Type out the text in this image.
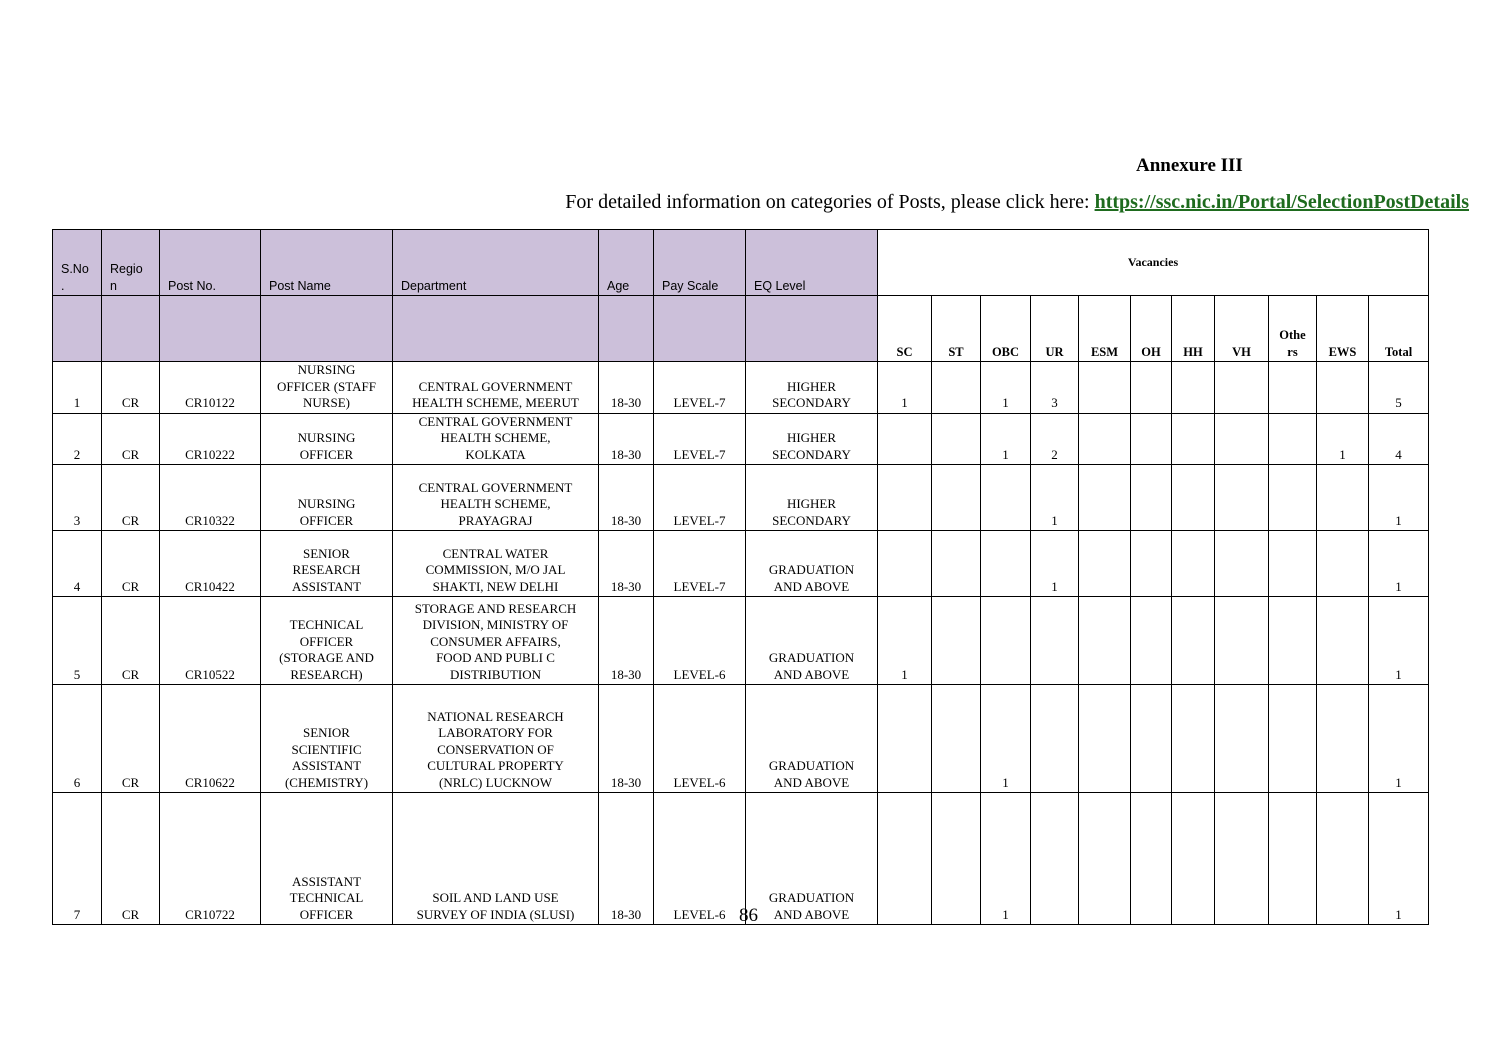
Annexure III
For detailed information on categories of Posts, please click here: https://ssc.nic.in/Portal/SelectionPostDetails
S.No
.	Regio
n	Post No.	Post Name	Department	Age	Pay Scale	EQ Level	Vacancies										
								SC	ST	OBC	UR	ESM	OH	HH	VH	Othe
rs	EWS	Total
1	CR	CR10122	NURSING
OFFICER (STAFF
NURSE)	CENTRAL GOVERNMENT
HEALTH SCHEME, MEERUT	18-30	LEVEL-7	HIGHER
SECONDARY	1		1	3							5
2	CR	CR10222	NURSING
OFFICER	CENTRAL GOVERNMENT
HEALTH SCHEME,
KOLKATA	18-30	LEVEL-7	HIGHER
SECONDARY			1	2						1	4
3	CR	CR10322	NURSING
OFFICER	CENTRAL GOVERNMENT
HEALTH SCHEME,
PRAYAGRAJ	18-30	LEVEL-7	HIGHER
SECONDARY				1							1
4	CR	CR10422	SENIOR
RESEARCH
ASSISTANT	CENTRAL WATER
COMMISSION, M/O JAL
SHAKTI, NEW DELHI	18-30	LEVEL-7	GRADUATION
AND ABOVE				1							1
5	CR	CR10522	TECHNICAL
OFFICER
(STORAGE AND
RESEARCH)	STORAGE AND RESEARCH
DIVISION, MINISTRY OF
CONSUMER AFFAIRS,
FOOD AND PUBLI C
DISTRIBUTION	18-30	LEVEL-6	GRADUATION
AND ABOVE	1										1
6	CR	CR10622	SENIOR
SCIENTIFIC
ASSISTANT
(CHEMISTRY)	NATIONAL RESEARCH
LABORATORY FOR
CONSERVATION OF
CULTURAL PROPERTY
(NRLC) LUCKNOW	18-30	LEVEL-6	GRADUATION
AND ABOVE			1								1
7	CR	CR10722	ASSISTANT
TECHNICAL
OFFICER	SOIL AND LAND USE
SURVEY OF INDIA (SLUSI)	18-30	LEVEL-6	GRADUATION
AND ABOVE			1								1
86
